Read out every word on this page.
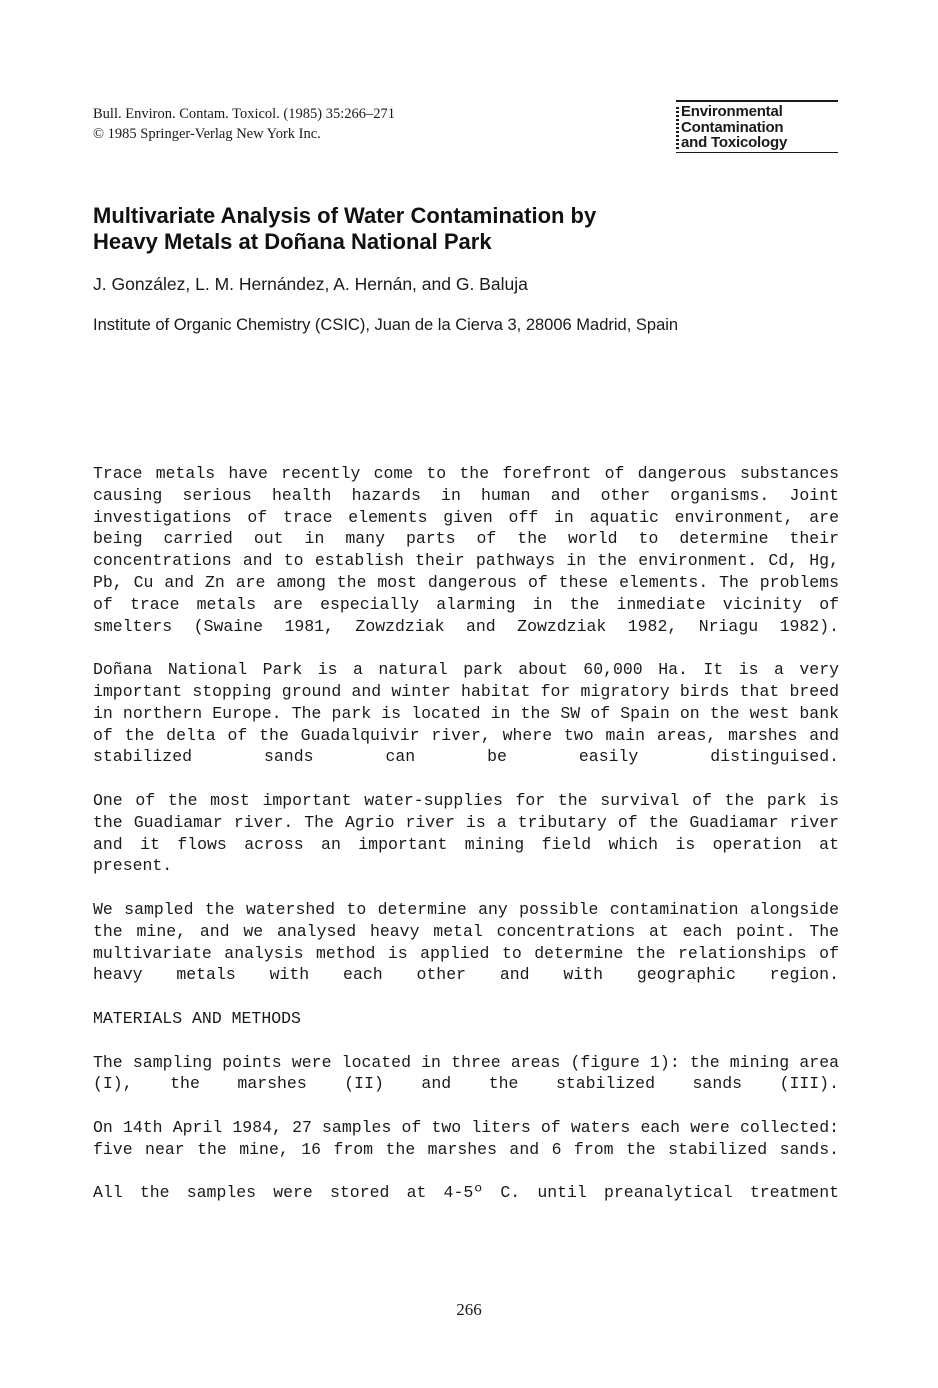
Bull. Environ. Contam. Toxicol. (1985) 35:266–271
© 1985 Springer-Verlag New York Inc.
Environmental
Contamination
and Toxicology
Multivariate Analysis of Water Contamination by
Heavy Metals at Doñana National Park
J. González, L. M. Hernández, A. Hernán, and G. Baluja
Institute of Organic Chemistry (CSIC), Juan de la Cierva 3, 28006 Madrid, Spain

Trace metals have recently come to the forefront of dangerous substances causing serious health hazards in human and other organisms. Joint investigations of trace elements given off in aquatic environment, are being carried out in many parts of the world to determine their concentrations and to establish their pathways in the environment. Cd, Hg, Pb, Cu and Zn are among the most dangerous of these elements. The problems of trace metals are especially alarming in the inmediate vicinity of smelters (Swaine 1981, Zowzdziak and Zowzdziak 1982, Nriagu 1982).

Doñana National Park is a natural park about 60,000 Ha. It is a very important stopping ground and winter habitat for migratory birds that breed in northern Europe. The park is located in the SW of Spain on the west bank of the delta of the Guadalquivir river, where two main areas, marshes and stabilized sands can be easily distinguised.

One of the most important water-supplies for the survival of the park is the Guadiamar river. The Agrio river is a tributary of the Guadiamar river and it flows across an important mining field which is operation at present.

We sampled the watershed to determine any possible contamination alongside the mine, and we analysed heavy metal concentrations at each point. The multivariate analysis method is applied to determine the relationships of heavy metals with each other and with geographic region.

MATERIALS AND METHODS

The sampling points were located in three areas (figure 1): the mining area (I), the marshes (II) and the stabilized sands (III).

On 14th April 1984, 27 samples of two liters of waters each were collected: five near the mine, 16 from the marshes and 6 from the stabilized sands.

All the samples were stored at 4-5º C. until preanalytical treatment

266
